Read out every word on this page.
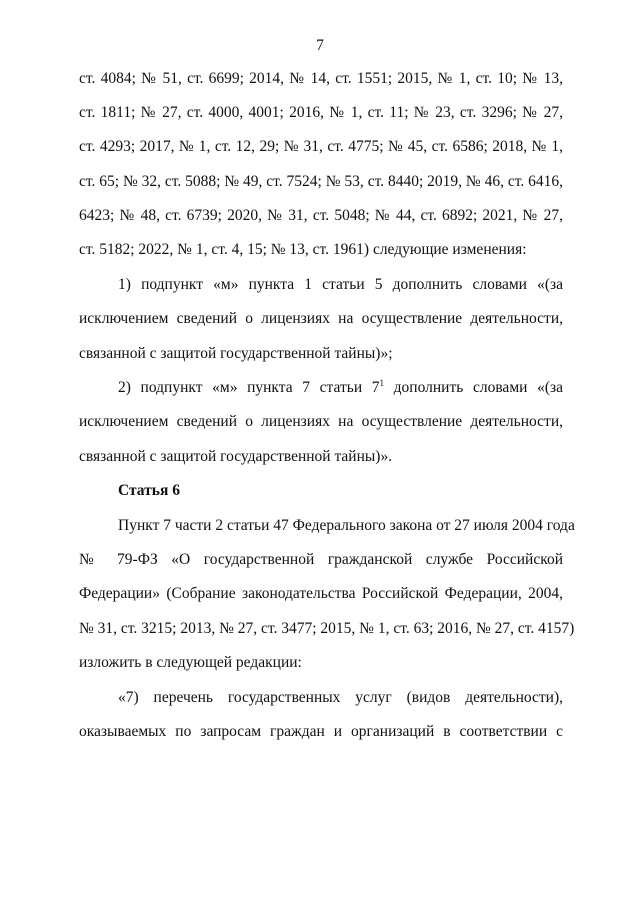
7
ст. 4084; № 51, ст. 6699; 2014, № 14, ст. 1551; 2015, № 1, ст. 10; № 13,
ст. 1811; № 27, ст. 4000, 4001; 2016, № 1, ст. 11; № 23, ст. 3296; № 27,
ст. 4293; 2017, № 1, ст. 12, 29; № 31, ст. 4775; № 45, ст. 6586; 2018, № 1,
ст. 65; № 32, ст. 5088; № 49, ст. 7524; № 53, ст. 8440; 2019, № 46, ст. 6416,
6423; № 48, ст. 6739; 2020, № 31, ст. 5048; № 44, ст. 6892; 2021, № 27,
ст. 5182; 2022, № 1, ст. 4, 15; № 13, ст. 1961) следующие изменения:
1) подпункт «м» пункта 1 статьи 5 дополнить словами «(за
исключением сведений о лицензиях на осуществление деятельности,
связанной с защитой государственной тайны)»;
2) подпункт «м» пункта 7 статьи $7^1$ дополнить словами «(за
исключением сведений о лицензиях на осуществление деятельности,
связанной с защитой государственной тайны)».
Статья 6
Пункт 7 части 2 статьи 47 Федерального закона от 27 июля 2004 года
№ 79-ФЗ «О государственной гражданской службе Российской
Федерации» (Собрание законодательства Российской Федерации, 2004,
№ 31, ст. 3215; 2013, № 27, ст. 3477; 2015, № 1, ст. 63; 2016, № 27, ст. 4157)
изложить в следующей редакции:
«7) перечень государственных услуг (видов деятельности),
оказываемых по запросам граждан и организаций в соответствии с
